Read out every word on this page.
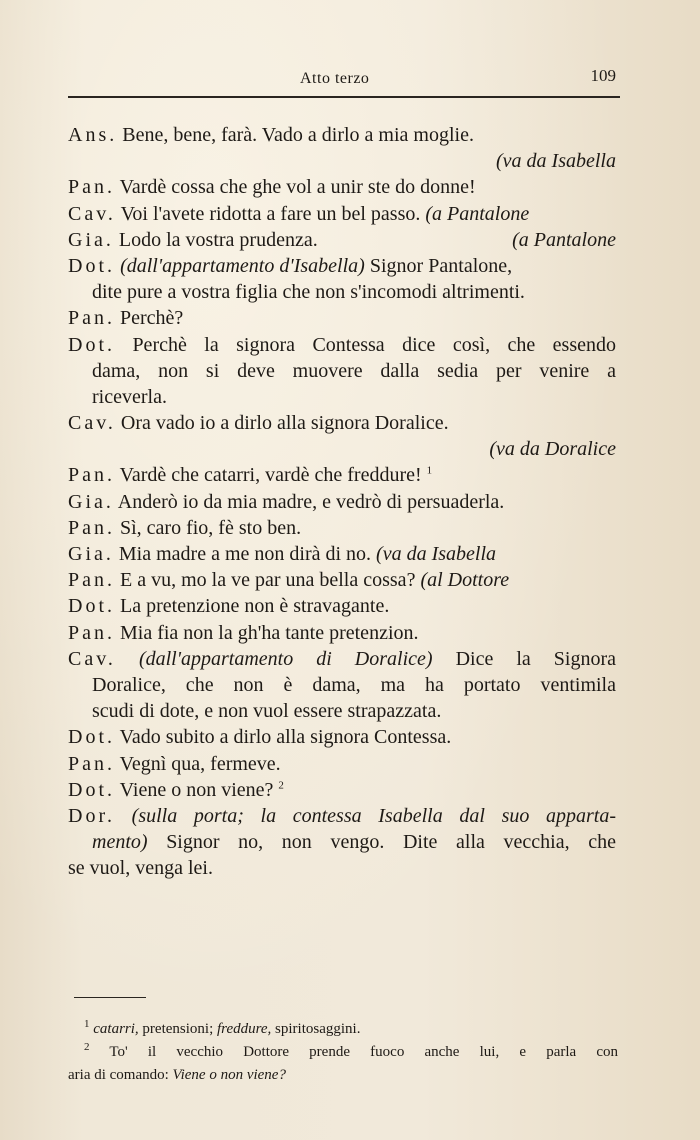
Atto terzo	109
Ans. Bene, bene, farà. Vado a dirlo a mia moglie.
(va da Isabella
Pan. Vardè cossa che ghe vol a unir ste do donne!
Cav. Voi l'avete ridotta a fare un bel passo. (a Pantalone
Gia. Lodo la vostra prudenza.	(a Pantalone
Dot. (dall'appartamento d'Isabella) Signor Pantalone,
dite pure a vostra figlia che non s'incomodi altrimenti.
Pan. Perchè?
Dot. Perchè la signora Contessa dice così, che essendo
dama, non si deve muovere dalla sedia per venire a
riceverla.
Cav. Ora vado io a dirlo alla signora Doralice.
(va da Doralice
Pan. Vardè che catarri, vardè che freddure! $^1$
Gia. Anderò io da mia madre, e vedrò di persuaderla.
Pan. Sì, caro fio, fè sto ben.
Gia. Mia madre a me non dirà di no. (va da Isabella
Pan. E a vu, mo la ve par una bella cossa? (al Dottore
Dot. La pretenzione non è stravagante.
Pan. Mia fia non la gh'ha tante pretenzion.
Cav. (dall'appartamento di Doralice) Dice la Signora
Doralice, che non è dama, ma ha portato ventimila
scudi di dote, e non vuol essere strapazzata.
Dot. Vado subito a dirlo alla signora Contessa.
Pan. Vegnì qua, fermeve.
Dot. Viene o non viene? $^2$
Dor. (sulla porta; la contessa Isabella dal suo apparta-
mento) Signor no, non vengo. Dite alla vecchia, che
se vuol, venga lei.
$^1$ catarri, pretensioni; freddure, spiritosaggini.
$^2$ To' il vecchio Dottore prende fuoco anche lui, e parla con
aria di comando: Viene o non viene?
